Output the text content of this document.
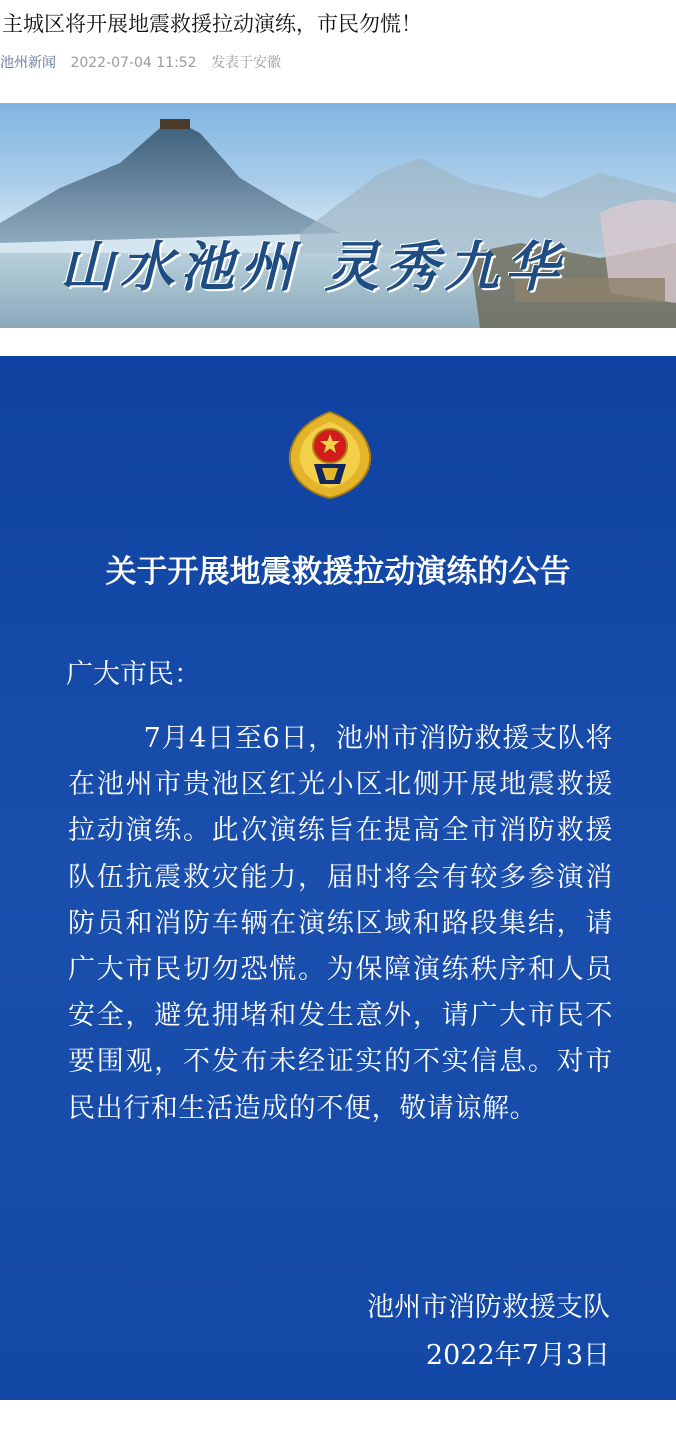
主城区将开展地震救援拉动演练，市民勿慌！
池州新闻 2022-07-04 11:52 发表于安徽
山水池州 灵秀九华
关于开展地震救援拉动演练的公告
广大市民：
7月4日至6日，池州市消防救援支队将在池州市贵池区红光小区北侧开展地震救援拉动演练。此次演练旨在提高全市消防救援队伍抗震救灾能力，届时将会有较多参演消防员和消防车辆在演练区域和路段集结，请广大市民切勿恐慌。为保障演练秩序和人员安全，避免拥堵和发生意外，请广大市民不要围观，不发布未经证实的不实信息。对市民出行和生活造成的不便，敬请谅解。
池州市消防救援支队
2022年7月3日
